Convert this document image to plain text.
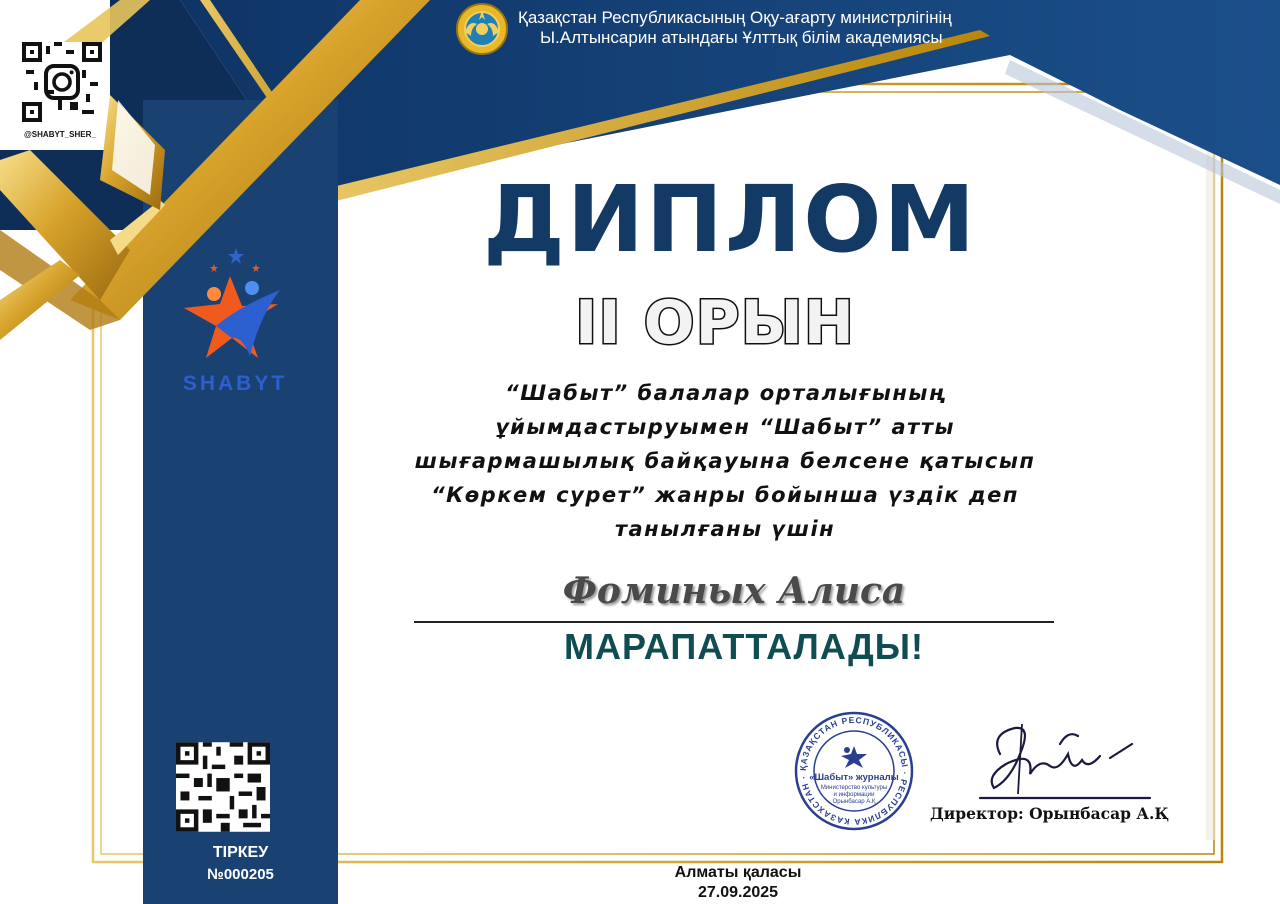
@SHABYT_SHER_
Қазақстан Республикасының Оқу-ағарту министрлігінің
Ы.Алтынсарин атындағы Ұлттық білім академиясы
SHABYT
ДИПЛОМ
II ОРЫН
“Шабыт” балалар орталығының
ұйымдастыруымен “Шабыт” атты
шығармашылық байқауына белсене қатысып
“Көркем сурет” жанры бойынша үздік деп
танылғаны үшін
Фоминых Алиса
МАРАПАТТАЛАДЫ!
ТІРКЕУ
№000205	Алматы қаласы
27.09.2025
ҚАЗАҚСТАН РЕСПУБЛИКАСЫ · РЕСПУБЛИКА КАЗАХСТАН · «Шабыт» журналы
Министерство культуры
и информации
Орынбасар А.Қ
Директор: Орынбасар А.Қ
